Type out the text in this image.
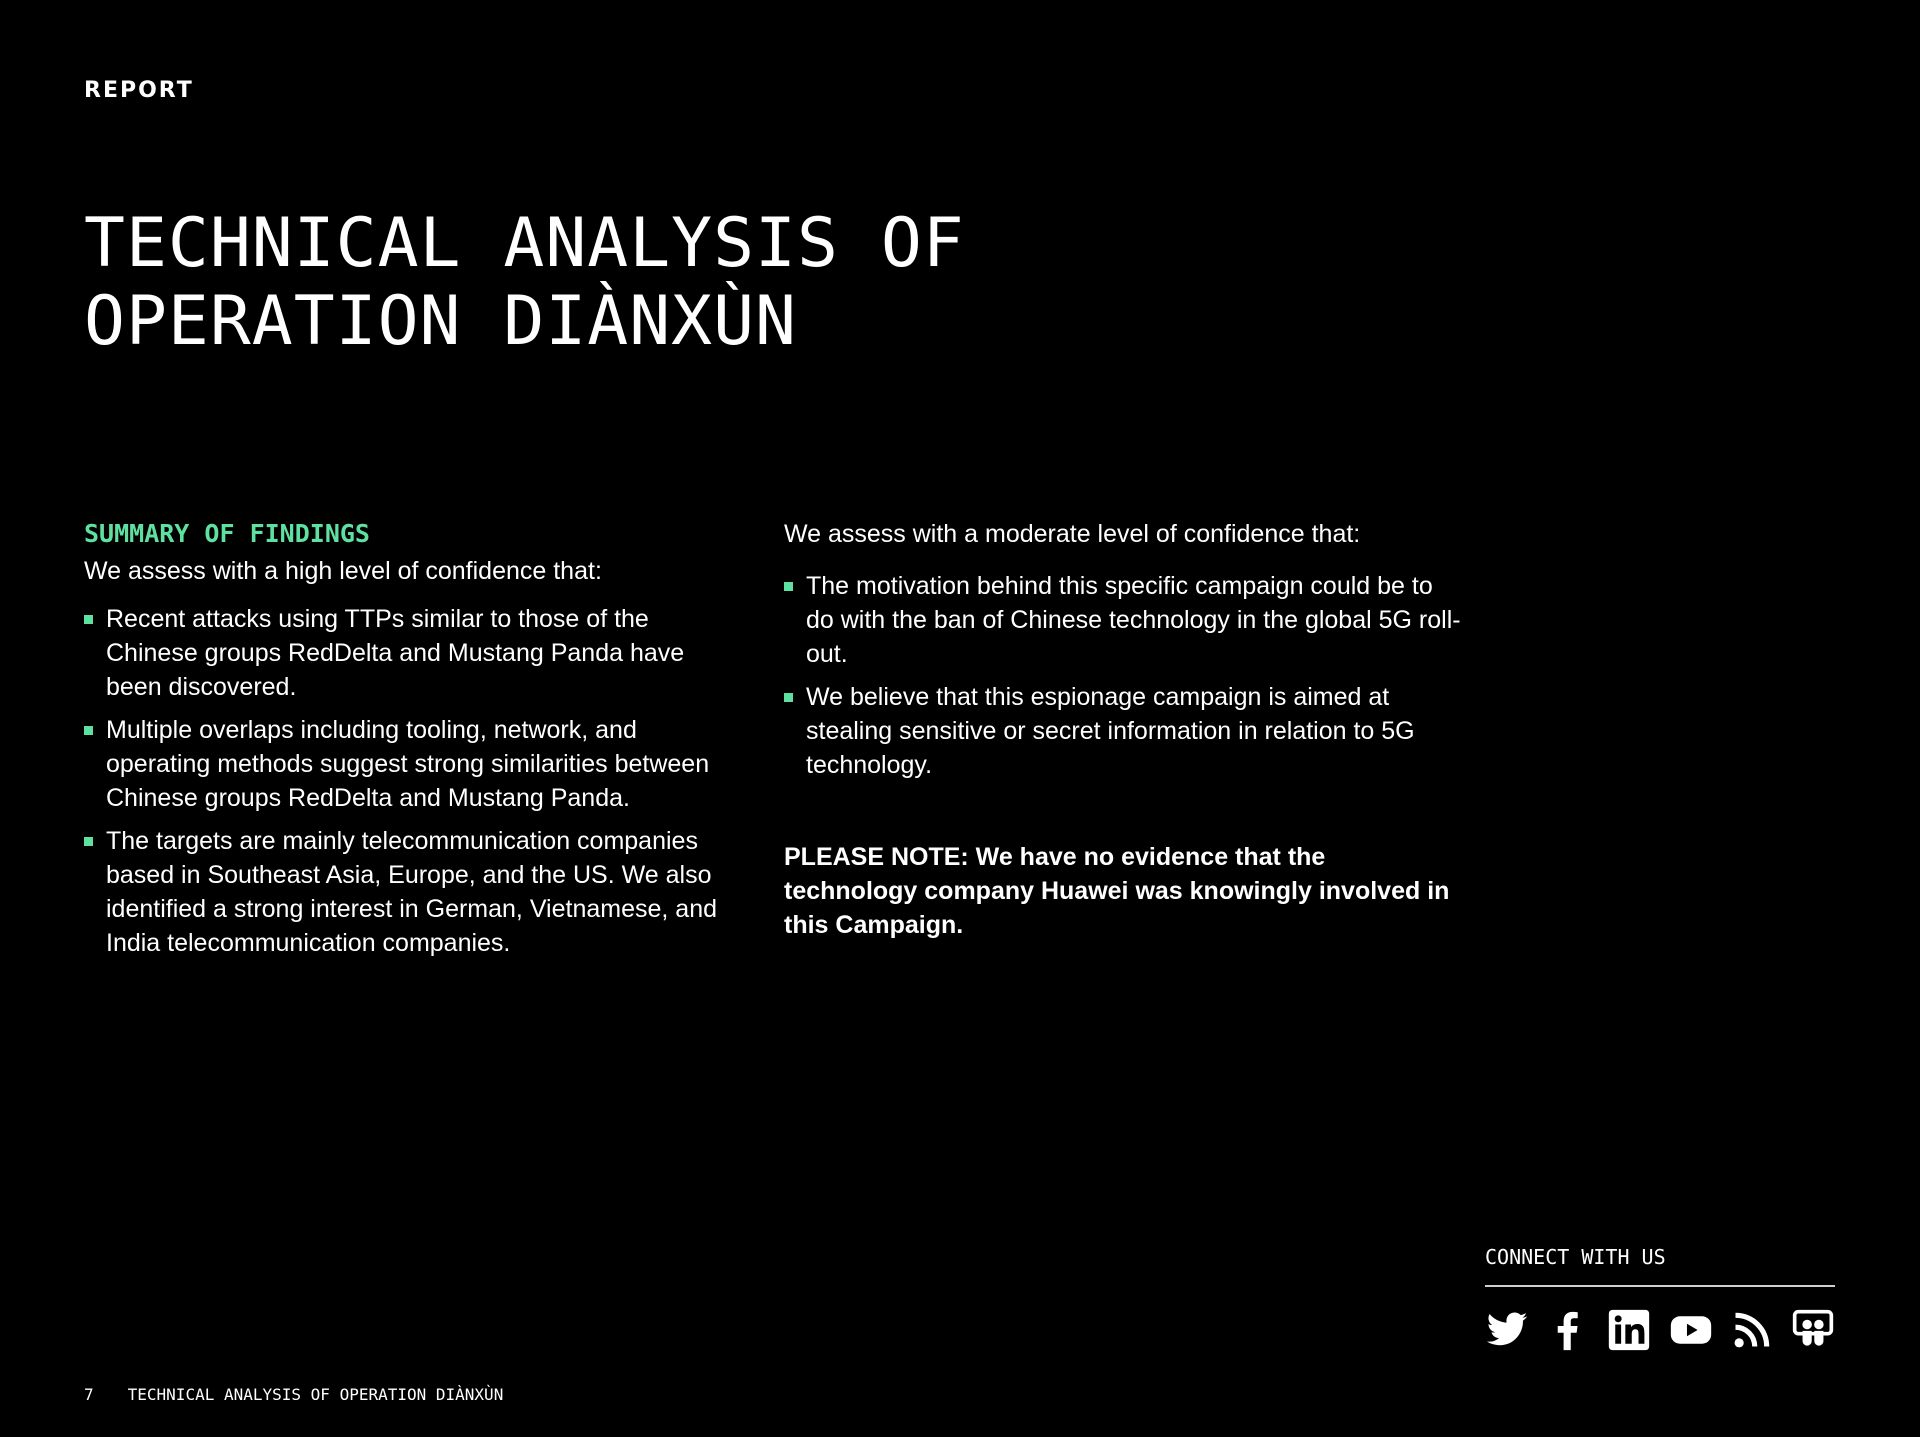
REPORT
TECHNICAL ANALYSIS OF
OPERATION DIÀNXÙN
SUMMARY OF FINDINGS

We assess with a high level of confidence that:

Recent attacks using TTPs similar to those of the Chinese groups RedDelta and Mustang Panda have been discovered.
Multiple overlaps including tooling, network, and operating methods suggest strong similarities between Chinese groups RedDelta and Mustang Panda.
The targets are mainly telecommunication companies based in Southeast Asia, Europe, and the US. We also identified a strong interest in German, Vietnamese, and India telecommunication companies.

We assess with a moderate level of confidence that:

The motivation behind this specific campaign could be to do with the ban of Chinese technology in the global 5G roll-out.
We believe that this espionage campaign is aimed at stealing sensitive or secret information in relation to 5G technology.

PLEASE NOTE: We have no evidence that the technology company Huawei was knowingly involved in this Campaign.

CONNECT WITH US
7 TECHNICAL ANALYSIS OF OPERATION DIÀNXÙN
